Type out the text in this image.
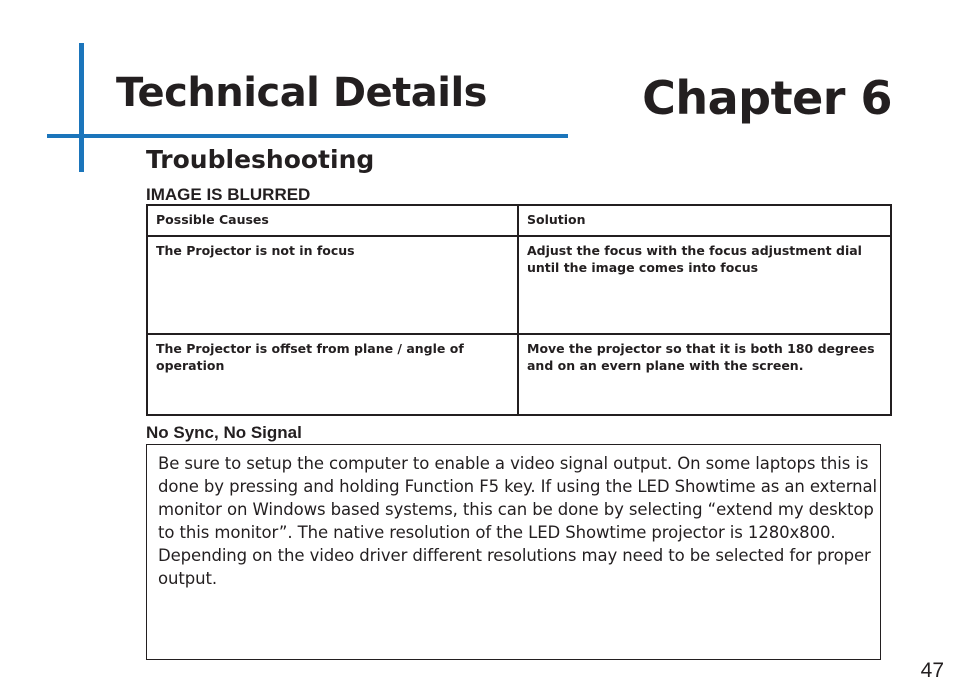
Technical Details	Chapter 6
Troubleshooting
IMAGE IS BLURRED
Possible Causes	Solution
The Projector is not in focus	Adjust the focus with the focus adjustment dial until the image comes into focus
The Projector is offset from plane / angle of operation	Move the projector so that it is both 180 degrees and on an evern plane with the screen.
No Sync, No Signal

Be sure to setup the computer to enable a video signal output. On some laptops this is done by pressing and holding Function F5 key. If using the LED Showtime as an external monitor on Windows based systems, this can be done by selecting “extend my desktop to this monitor”. The native resolution of the LED Showtime projector is 1280x800. Depending on the video driver different resolutions may need to be selected for proper output.

47
